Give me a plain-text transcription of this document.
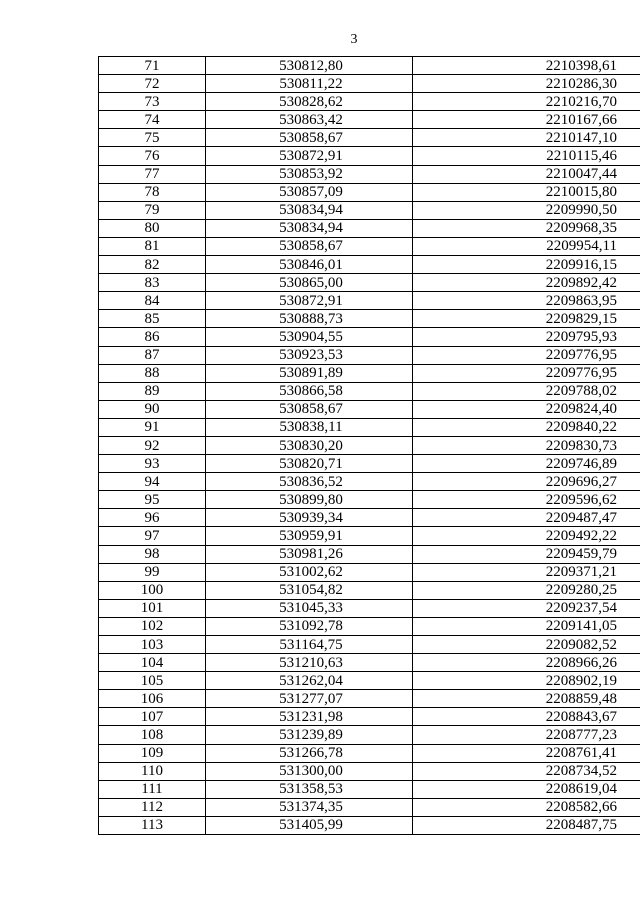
3
71	530812,80	2210398,61
72	530811,22	2210286,30
73	530828,62	2210216,70
74	530863,42	2210167,66
75	530858,67	2210147,10
76	530872,91	2210115,46
77	530853,92	2210047,44
78	530857,09	2210015,80
79	530834,94	2209990,50
80	530834,94	2209968,35
81	530858,67	2209954,11
82	530846,01	2209916,15
83	530865,00	2209892,42
84	530872,91	2209863,95
85	530888,73	2209829,15
86	530904,55	2209795,93
87	530923,53	2209776,95
88	530891,89	2209776,95
89	530866,58	2209788,02
90	530858,67	2209824,40
91	530838,11	2209840,22
92	530830,20	2209830,73
93	530820,71	2209746,89
94	530836,52	2209696,27
95	530899,80	2209596,62
96	530939,34	2209487,47
97	530959,91	2209492,22
98	530981,26	2209459,79
99	531002,62	2209371,21
100	531054,82	2209280,25
101	531045,33	2209237,54
102	531092,78	2209141,05
103	531164,75	2209082,52
104	531210,63	2208966,26
105	531262,04	2208902,19
106	531277,07	2208859,48
107	531231,98	2208843,67
108	531239,89	2208777,23
109	531266,78	2208761,41
110	531300,00	2208734,52
111	531358,53	2208619,04
112	531374,35	2208582,66
113	531405,99	2208487,75
